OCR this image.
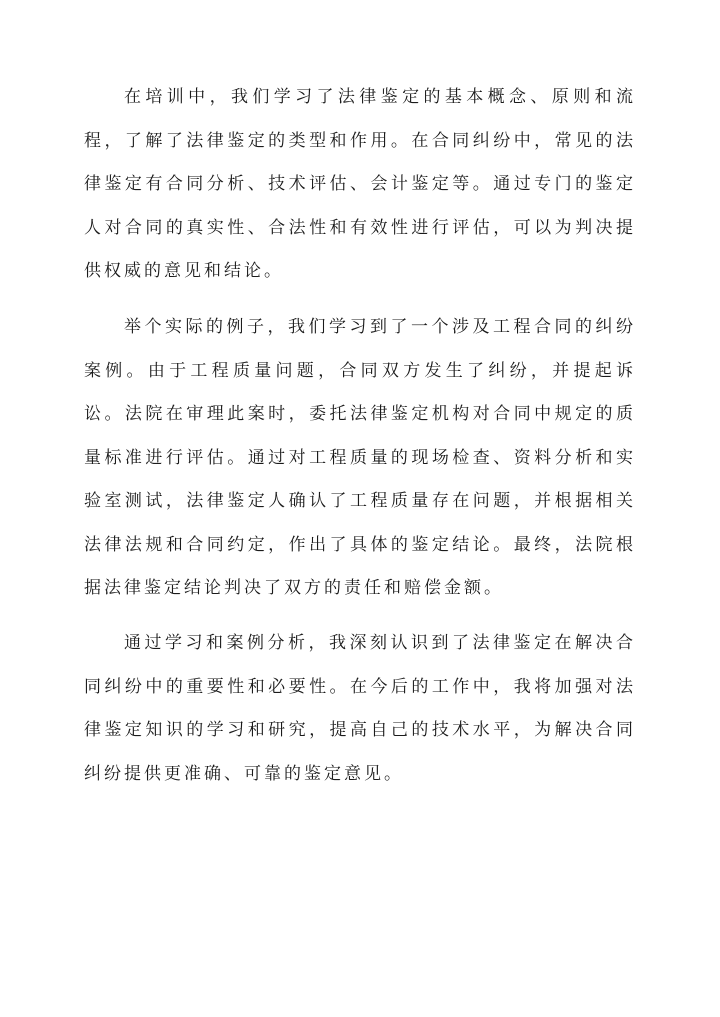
在培训中，我们学习了法律鉴定的基本概念、原则和流程，了解了法律鉴定的类型和作用。在合同纠纷中，常见的法律鉴定有合同分析、技术评估、会计鉴定等。通过专门的鉴定人对合同的真实性、合法性和有效性进行评估，可以为判决提供权威的意见和结论。

举个实际的例子，我们学习到了一个涉及工程合同的纠纷案例。由于工程质量问题，合同双方发生了纠纷，并提起诉讼。法院在审理此案时，委托法律鉴定机构对合同中规定的质量标准进行评估。通过对工程质量的现场检查、资料分析和实验室测试，法律鉴定人确认了工程质量存在问题，并根据相关法律法规和合同约定，作出了具体的鉴定结论。最终，法院根据法律鉴定结论判决了双方的责任和赔偿金额。

通过学习和案例分析，我深刻认识到了法律鉴定在解决合同纠纷中的重要性和必要性。在今后的工作中，我将加强对法律鉴定知识的学习和研究，提高自己的技术水平，为解决合同纠纷提供更准确、可靠的鉴定意见。
